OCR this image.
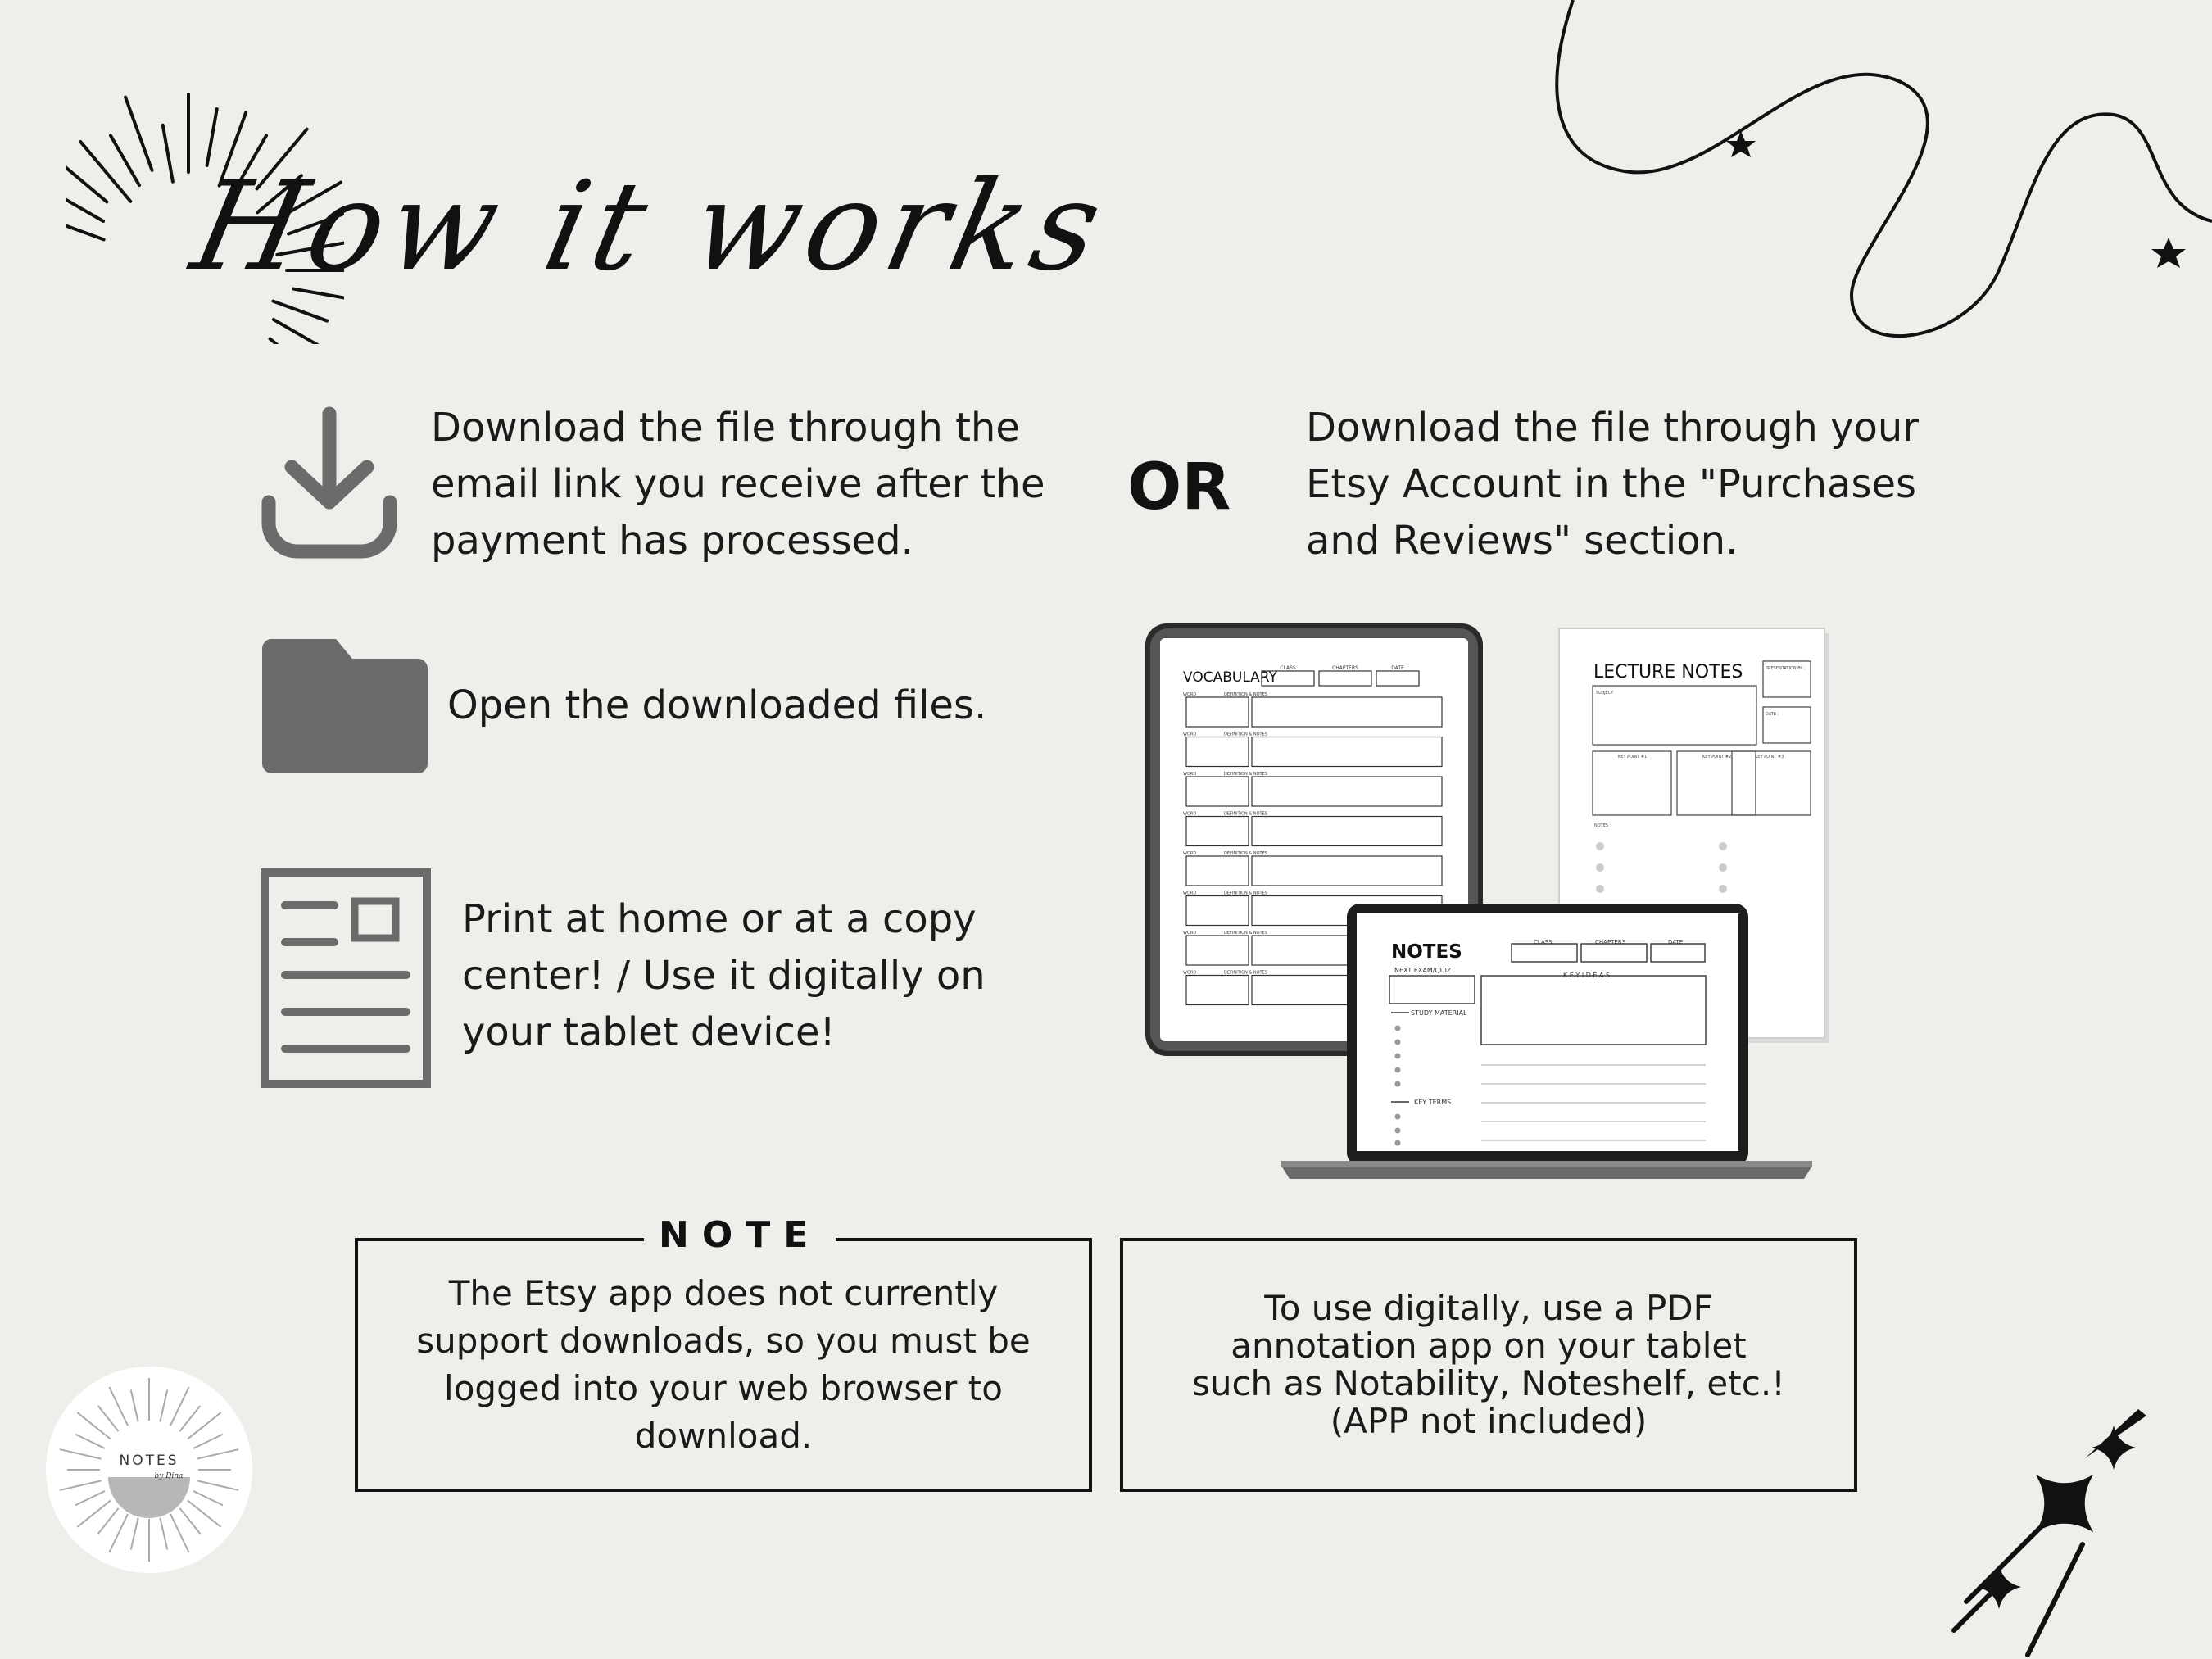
How it works
Download the file through the email link you receive after the payment has processed.
OR
Download the file through your Etsy Account in the "Purchases and Reviews" section.
Open the downloaded files.
Print at home or at a copy center! / Use it digitally on your tablet device!
LECTURE NOTES	PRESENTATION BY :
SUBJECT
DATE :
KEY POINT #1	KEY POINT #2	KEY POINT #3
NOTES :
VOCABULARY
CLASS	CHAPTERS	DATE
WORD	DEFINITION & NOTES
WORD	DEFINITION & NOTES
WORD	DEFINITION & NOTES
WORD	DEFINITION & NOTES
WORD	DEFINITION & NOTES
WORD	DEFINITION & NOTES
WORD	DEFINITION & NOTES
WORD	DEFINITION & NOTES
NOTES	CLASS	CHAPTERS	DATE
NEXT EXAM/QUIZ
K E Y I D E A S
STUDY MATERIAL
KEY TERMS
The Etsy app does not currently support downloads, so you must be logged into your web browser to download.
NOTE
To use digitally, use a PDF annotation app on your tablet such as Notability, Noteshelf, etc.! (APP not included)
NOTES
by Dina
